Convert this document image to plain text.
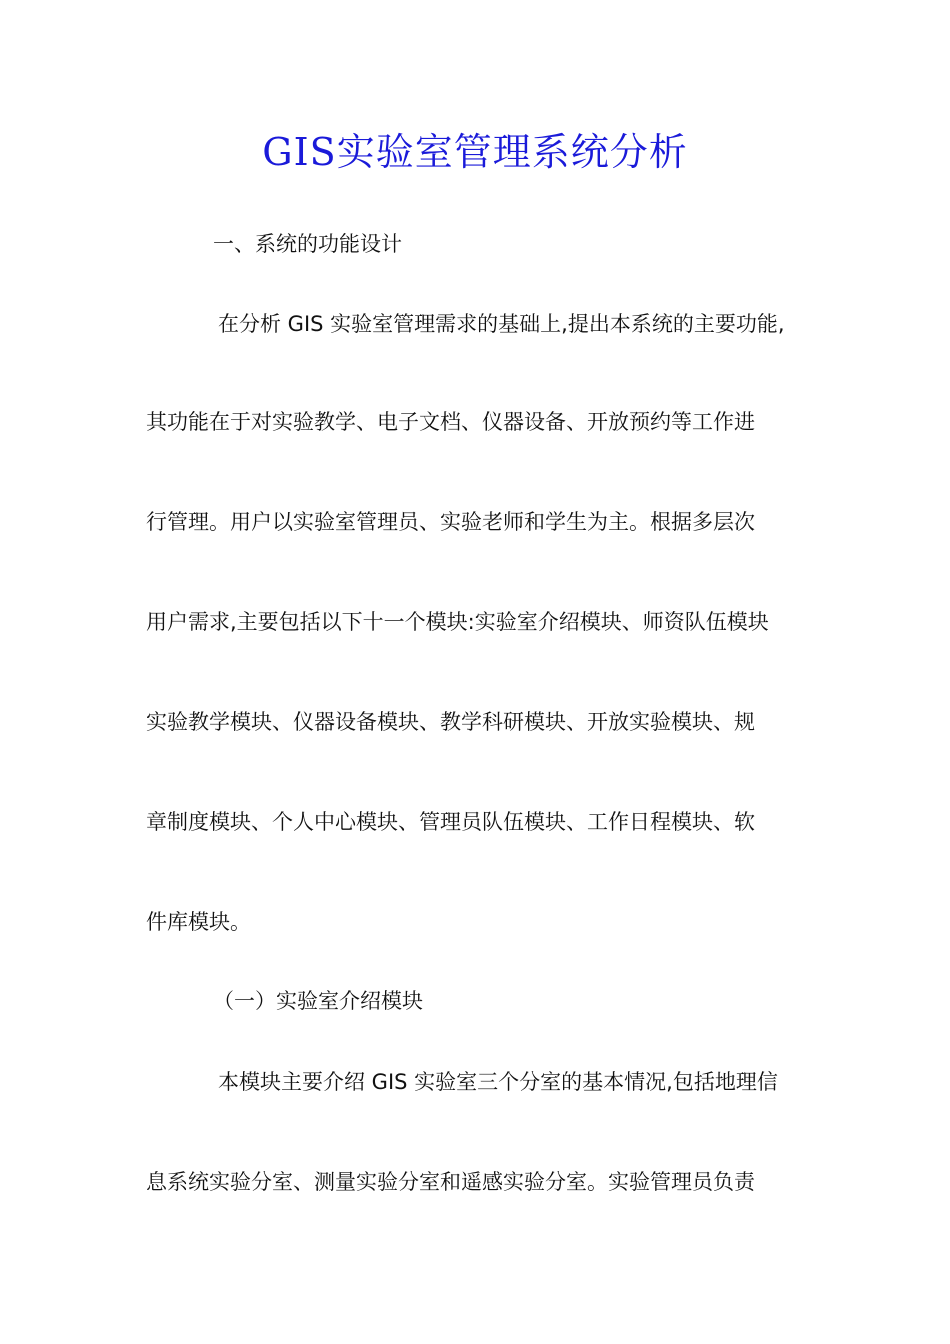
GIS实验室管理系统分析

一、系统的功能设计

在分析 GIS 实验室管理需求的基础上,提出本系统的主要功能,

其功能在于对实验教学、电子文档、仪器设备、开放预约等工作进

行管理。用户以实验室管理员、实验老师和学生为主。根据多层次

用户需求,主要包括以下十一个模块:实验室介绍模块、师资队伍模块

实验教学模块、仪器设备模块、教学科研模块、开放实验模块、规

章制度模块、个人中心模块、管理员队伍模块、工作日程模块、软

件库模块。

（一）实验室介绍模块

本模块主要介绍 GIS 实验室三个分室的基本情况,包括地理信

息系统实验分室、测量实验分室和遥感实验分室。实验管理员负责
